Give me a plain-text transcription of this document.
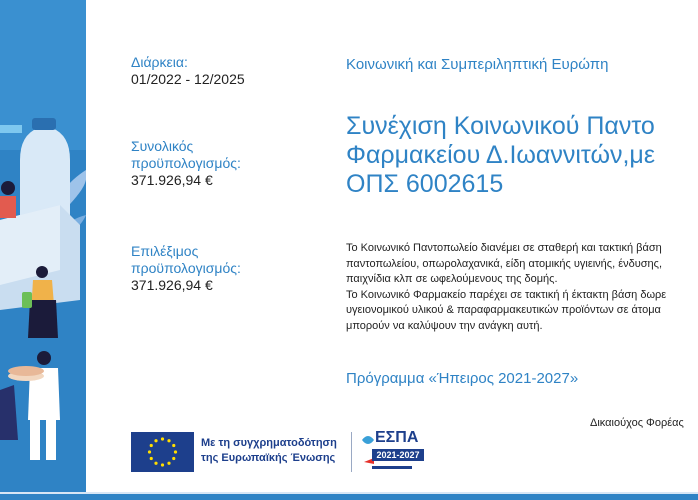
Διάρκεια:
01/2022 - 12/2025
Συνολικός
προϋπολογισμός:
371.926,94 €
Επιλέξιμος
προϋπολογισμός:
371.926,94 €
Κοινωνική και Συμπεριληπτική Ευρώπη
Συνέχιση Κοινωνικού Παντο
Φαρμακείου Δ.Ιωαννιτών,με
ΟΠΣ 6002615
Το Κοινωνικό Παντοπωλείο διανέμει σε σταθερή και τακτική βάση
παντοπωλείου, οπωρολαχανικά, είδη ατομικής υγιεινής, ένδυσης,
παιχνίδια κλπ σε ωφελούμενους της δομής.
Το Κοινωνικό Φαρμακείο παρέχει σε τακτική ή έκτακτη βάση δωρε
υγειονομικού υλικού & παραφαρμακευτικών προϊόντων σε άτομα
μπορούν να καλύψουν την ανάγκη αυτή.
Πρόγραμμα «Ήπειρος 2021-2027»
Δικαιούχος Φορέας
Με τη συγχρηματοδότηση
της Ευρωπαϊκής Ένωσης
ΕΣΠΑ
2021-2027
